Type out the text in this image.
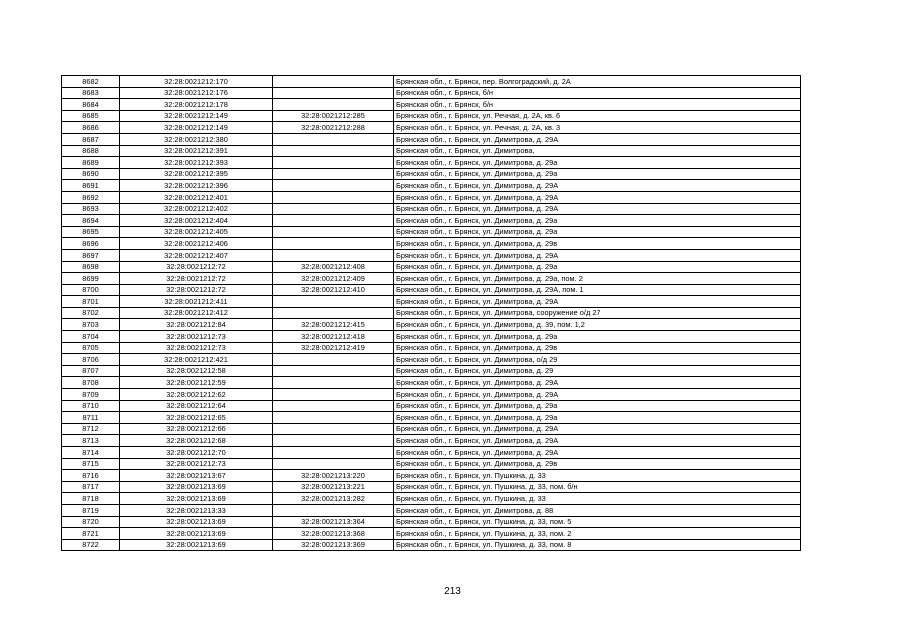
8682	32:28:0021212:170		Брянская обл., г. Брянск, пер. Волгоградский, д. 2А
8683	32:28:0021212:176		Брянская обл., г. Брянск, б/н
8684	32:28:0021212:178		Брянская обл., г. Брянск, б/н
8685	32:28:0021212:149	32:28:0021212:285	Брянская обл., г. Брянск, ул. Речная, д. 2А, кв. 6
8686	32:28:0021212:149	32:28:0021212:288	Брянская обл., г. Брянск, ул. Речная, д. 2А, кв. 3
8687	32:28:0021212:380		Брянская обл., г. Брянск, ул. Димитрова, д. 29А
8688	32:28:0021212:391		Брянская обл., г. Брянск, ул. Димитрова,
8689	32:28:0021212:393		Брянская обл., г. Брянск, ул. Димитрова, д. 29а
8690	32:28:0021212:395		Брянская обл., г. Брянск, ул. Димитрова, д. 29а
8691	32:28:0021212:396		Брянская обл., г. Брянск, ул. Димитрова, д. 29А
8692	32:28:0021212:401		Брянская обл., г. Брянск, ул. Димитрова, д. 29А
8693	32:28:0021212:402		Брянская обл., г. Брянск, ул. Димитрова, д. 29А
8694	32:28:0021212:404		Брянская обл., г. Брянск, ул. Димитрова, д. 29а
8695	32:28:0021212:405		Брянская обл., г. Брянск, ул. Димитрова, д. 29а
8696	32:28:0021212:406		Брянская обл., г. Брянск, ул. Димитрова, д. 29в
8697	32:28:0021212:407		Брянская обл., г. Брянск, ул. Димитрова, д. 29А
8698	32:28:0021212:72	32:28:0021212:408	Брянская обл., г. Брянск, ул. Димитрова, д. 29а
8699	32:28:0021212:72	32:28:0021212:409	Брянская обл., г. Брянск, ул. Димитрова, д. 29а, пом. 2
8700	32:28:0021212:72	32:28:0021212:410	Брянская обл., г. Брянск, ул. Димитрова, д. 29А, пом. 1
8701	32:28:0021212:411		Брянская обл., г. Брянск, ул. Димитрова, д. 29А
8702	32:28:0021212:412		Брянская обл., г. Брянск, ул. Димитрова, сооружение о/д 27
8703	32:28:0021212:84	32:28:0021212:415	Брянская обл., г. Брянск, ул. Димитрова, д. 39, пом. 1,2
8704	32:28:0021212:73	32:28:0021212:418	Брянская обл., г. Брянск, ул. Димитрова, д. 29а
8705	32:28:0021212:73	32:28:0021212:419	Брянская обл., г. Брянск, ул. Димитрова, д. 29в
8706	32:28:0021212:421		Брянская обл., г. Брянск, ул. Димитрова, о/д 29
8707	32:28:0021212:58		Брянская обл., г. Брянск, ул. Димитрова, д. 29
8708	32:28:0021212:59		Брянская обл., г. Брянск, ул. Димитрова, д. 29А
8709	32:28:0021212:62		Брянская обл., г. Брянск, ул. Димитрова, д. 29А
8710	32:28:0021212:64		Брянская обл., г. Брянск, ул. Димитрова, д. 29а
8711	32:28:0021212:65		Брянская обл., г. Брянск, ул. Димитрова, д. 29а
8712	32:28:0021212:66		Брянская обл., г. Брянск, ул. Димитрова, д. 29А
8713	32:28:0021212:68		Брянская обл., г. Брянск, ул. Димитрова, д. 29А
8714	32:28:0021212:70		Брянская обл., г. Брянск, ул. Димитрова, д. 29А
8715	32:28:0021212:73		Брянская обл., г. Брянск, ул. Димитрова, д. 29в
8716	32:28:0021213:67	32:28:0021213:220	Брянская обл., г. Брянск, ул. Пушкина, д. 33
8717	32:28:0021213:69	32:28:0021213:221	Брянская обл., г. Брянск, ул. Пушкина, д. 33, пом. б/н
8718	32:28:0021213:69	32:28:0021213:282	Брянская обл., г. Брянск, ул. Пушкина, д. 33
8719	32:28:0021213:33		Брянская обл., г. Брянск, ул. Димитрова, д. 88
8720	32:28:0021213:69	32:28:0021213:364	Брянская обл., г. Брянск, ул. Пушкина, д. 33, пом. 5
8721	32:28:0021213:69	32:28:0021213:368	Брянская обл., г. Брянск, ул. Пушкина, д. 33, пом. 2
8722	32:28:0021213:69	32:28:0021213:369	Брянская обл., г. Брянск, ул. Пушкина, д. 33, пом. 8
213
